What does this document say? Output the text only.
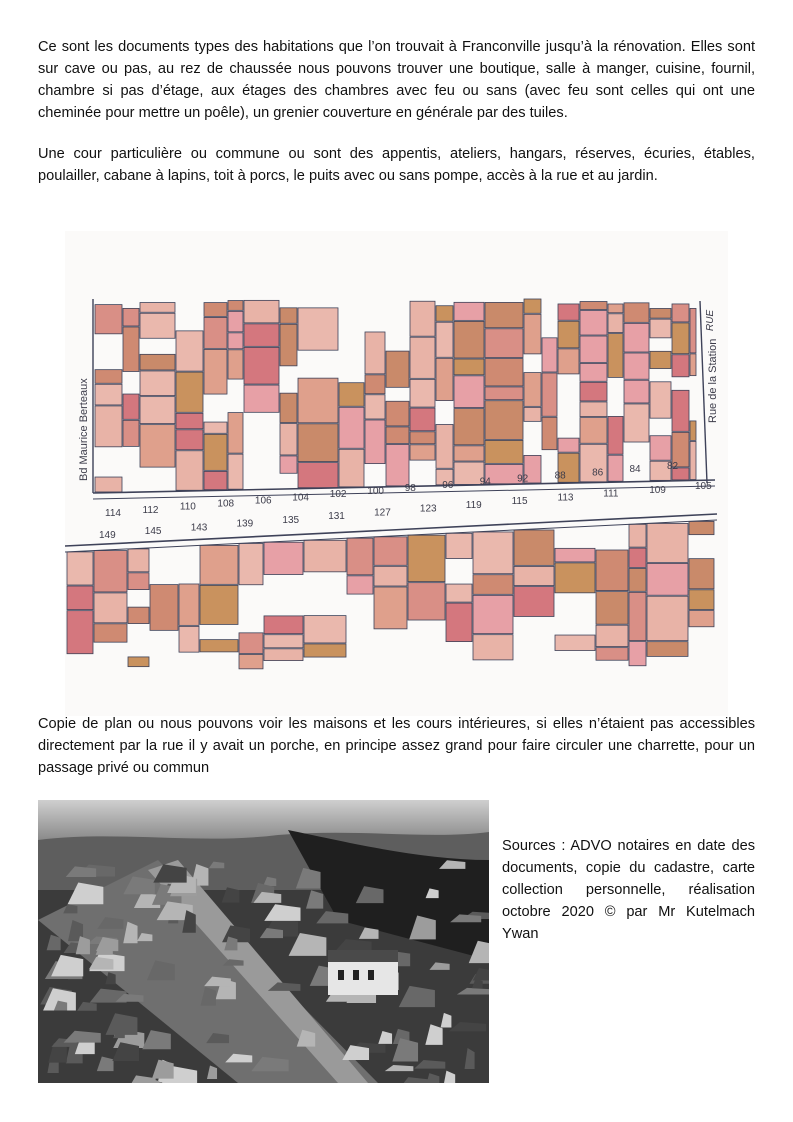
Ce sont les documents types des habitations que l’on trouvait à Franconville jusqu’à la rénovation. Elles sont sur cave ou pas, au rez de chaussée nous pouvons trouver une boutique, salle à manger, cuisine, fournil, chambre si pas d’étage, aux étages des chambres avec feu ou sans (avec feu sont celles qui ont une cheminée pour mettre un poêle), un grenier couverture en générale par des tuiles.

Une cour particulière ou commune ou sont des appentis, ateliers, hangars, réserves, écuries, étables, poulailler, cabane à lapins, toit à porcs, le puits avec ou sans pompe, accès à la rue et au jardin.

Bd Maurice Berteaux	Rue de la Station
RUE
114 112 110 108 106 104 102 100 98	96	94	92	88	86	84	82
149	145	143	139	135	131	127	123	119	115	113	111	109	105

Copie de plan ou nous pouvons voir les maisons et les cours intérieures, si elles n’étaient pas accessibles directement par la rue il y avait un porche, en principe assez grand pour faire circuler une charrette, pour un passage privé ou commun

Sources : ADVO notaires en date des documents, copie du cadastre, carte collection personnelle, réalisation octobre 2020 © par Mr Kutelmach Ywan
